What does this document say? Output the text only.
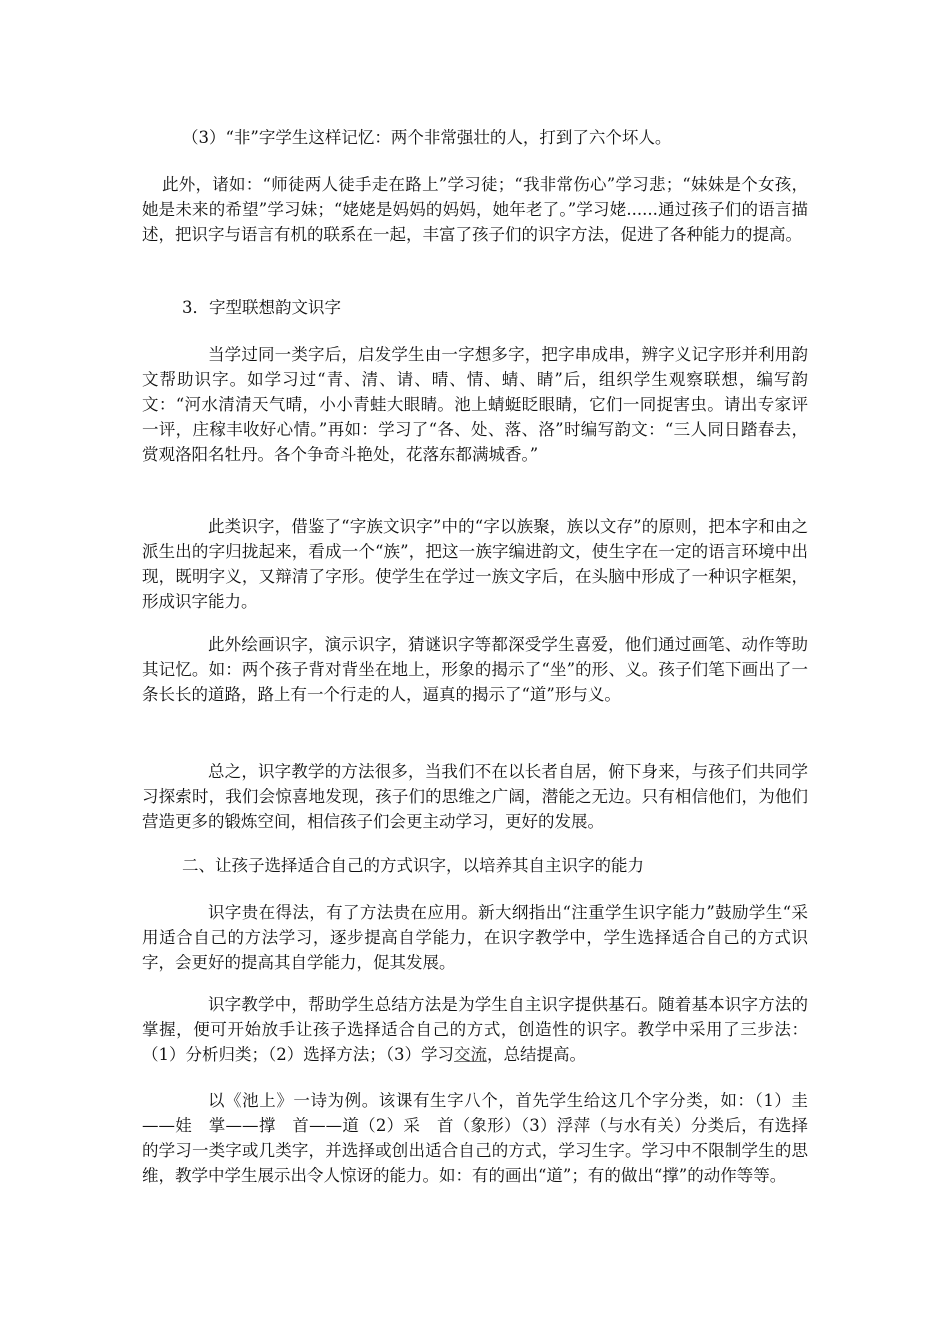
（3）“非”字学生这样记忆：两个非常强壮的人，打到了六个坏人。

此外，诸如：“师徒两人徒手走在路上”学习徒；“我非常伤心”学习悲；“妹妹是个女孩，她是未来的希望”学习妹；“姥姥是妈妈的妈妈，她年老了。”学习姥......通过孩子们的语言描述，把识字与语言有机的联系在一起，丰富了孩子们的识字方法，促进了各种能力的提高。

3．字型联想韵文识字

当学过同一类字后，启发学生由一字想多字，把字串成串，辨字义记字形并利用韵文帮助识字。如学习过“青、清、请、晴、情、蜻、睛”后，组织学生观察联想，编写韵文：“河水清清天气晴，小小青蛙大眼睛。池上蜻蜓眨眼睛，它们一同捉害虫。请出专家评一评，庄稼丰收好心情。”再如：学习了“各、处、落、洛”时编写韵文：“三人同日踏春去，赏观洛阳名牡丹。各个争奇斗艳处，花落东都满城香。”

此类识字，借鉴了“字族文识字”中的“字以族聚，族以文存”的原则，把本字和由之派生出的字归拢起来，看成一个“族”，把这一族字编进韵文，使生字在一定的语言环境中出现，既明字义，又辩清了字形。使学生在学过一族文字后，在头脑中形成了一种识字框架，形成识字能力。

此外绘画识字，演示识字，猜谜识字等都深受学生喜爱，他们通过画笔、动作等助其记忆。如：两个孩子背对背坐在地上，形象的揭示了“坐”的形、义。孩子们笔下画出了一条长长的道路，路上有一个行走的人，逼真的揭示了“道”形与义。

总之，识字教学的方法很多，当我们不在以长者自居，俯下身来，与孩子们共同学习探索时，我们会惊喜地发现，孩子们的思维之广阔，潜能之无边。只有相信他们，为他们营造更多的锻炼空间，相信孩子们会更主动学习，更好的发展。

二、让孩子选择适合自己的方式识字，以培养其自主识字的能力

识字贵在得法，有了方法贵在应用。新大纲指出“注重学生识字能力”鼓励学生“采用适合自己的方法学习，逐步提高自学能力，在识字教学中，学生选择适合自己的方式识字，会更好的提高其自学能力，促其发展。

识字教学中，帮助学生总结方法是为学生自主识字提供基石。随着基本识字方法的掌握，便可开始放手让孩子选择适合自己的方式，创造性的识字。教学中采用了三步法：（1）分析归类；（2）选择方法；（3）学习交流，总结提高。

以《池上》一诗为例。该课有生字八个，首先学生给这几个字分类，如：（1）圭——娃　掌——撑　首——道（2）采　首（象形）（3）浮萍（与水有关）分类后，有选择的学习一类字或几类字，并选择或创出适合自己的方式，学习生字。学习中不限制学生的思维，教学中学生展示出令人惊讶的能力。如：有的画出“道”；有的做出“撑”的动作等等。
